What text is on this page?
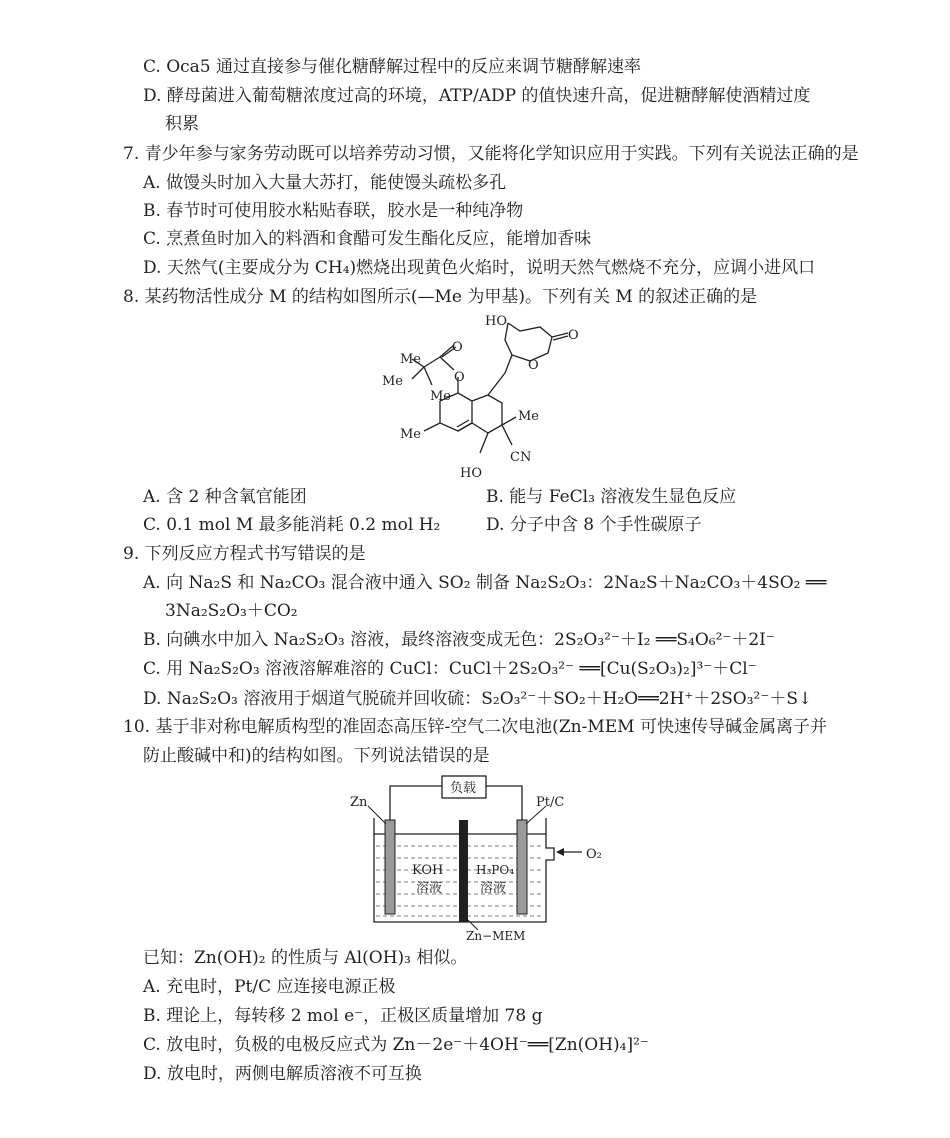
C. Oca5 通过直接参与催化糖酵解过程中的反应来调节糖酵解速率
D. 酵母菌进入葡萄糖浓度过高的环境，ATP/ADP 的值快速升高，促进糖酵解使酒精过度
积累
7. 青少年参与家务劳动既可以培养劳动习惯，又能将化学知识应用于实践。下列有关说法正确的是
A. 做馒头时加入大量大苏打，能使馒头疏松多孔
B. 春节时可使用胶水粘贴春联，胶水是一种纯净物
C. 烹煮鱼时加入的料酒和食醋可发生酯化反应，能增加香味
D. 天然气(主要成分为 CH₄)燃烧出现黄色火焰时，说明天然气燃烧不充分，应调小进风口
8. 某药物活性成分 M 的结构如图所示(—Me 为甲基)。下列有关 M 的叙述正确的是
HO
O
O
O
O
Me
Me
Me
Me
Me
HO
CN
A. 含 2 种含氧官能团	B. 能与 FeCl₃ 溶液发生显色反应
C. 0.1 mol M 最多能消耗 0.2 mol H₂	D. 分子中含 8 个手性碳原子
9. 下列反应方程式书写错误的是
A. 向 Na₂S 和 Na₂CO₃ 混合液中通入 SO₂ 制备 Na₂S₂O₃：2Na₂S＋Na₂CO₃＋4SO₂ ══
3Na₂S₂O₃＋CO₂
B. 向碘水中加入 Na₂S₂O₃ 溶液，最终溶液变成无色：2S₂O₃²⁻＋I₂ ══S₄O₆²⁻＋2I⁻
C. 用 Na₂S₂O₃ 溶液溶解难溶的 CuCl：CuCl＋2S₂O₃²⁻ ══[Cu(S₂O₃)₂]³⁻＋Cl⁻
D. Na₂S₂O₃ 溶液用于烟道气脱硫并回收硫：S₂O₃²⁻＋SO₂＋H₂O══2H⁺＋2SO₃²⁻＋S↓
10. 基于非对称电解质构型的准固态高压锌-空气二次电池(Zn-MEM 可快速传导碱金属离子并
防止酸碱中和)的结构如图。下列说法错误的是
负载
Zn	Pt/C
O₂
KOH
溶液
H₃PO₄
溶液
Zn−MEM
已知：Zn(OH)₂ 的性质与 Al(OH)₃ 相似。
A. 充电时，Pt/C 应连接电源正极
B. 理论上，每转移 2 mol e⁻，正极区质量增加 78 g
C. 放电时，负极的电极反应式为 Zn－2e⁻＋4OH⁻══[Zn(OH)₄]²⁻
D. 放电时，两侧电解质溶液不可互换
